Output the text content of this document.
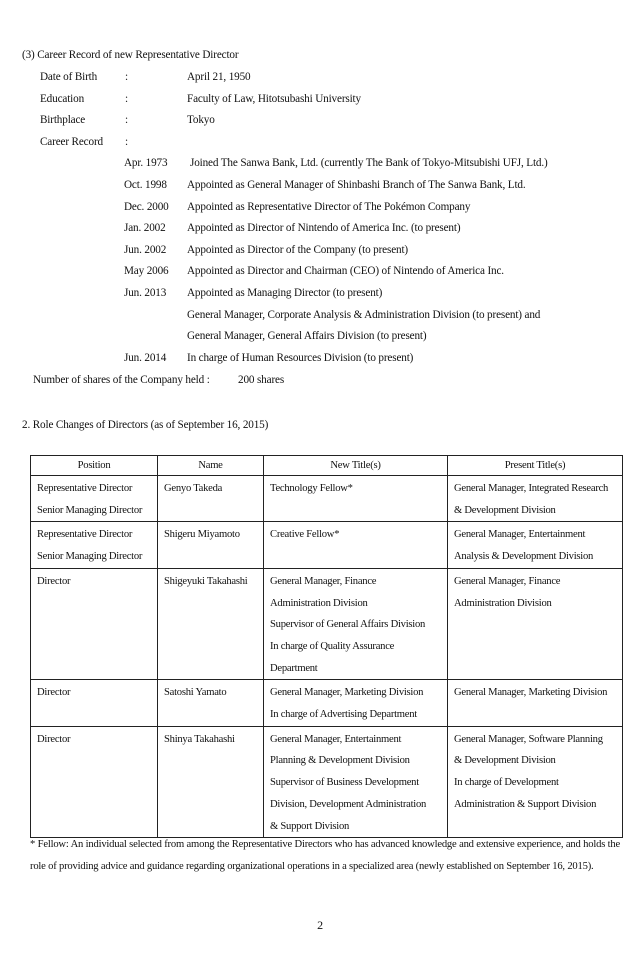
(3) Career Record of new Representative Director
Date of Birth :	April 21, 1950
Education	:	Faculty of Law, Hitotsubashi University
Birthplace	:	Tokyo
Career Record :
Apr. 1973 Joined The Sanwa Bank, Ltd. (currently The Bank of Tokyo-Mitsubishi UFJ, Ltd.)
Oct. 1998 Appointed as General Manager of Shinbashi Branch of The Sanwa Bank, Ltd.
Dec. 2000 Appointed as Representative Director of The Pokémon Company
Jan. 2002 Appointed as Director of Nintendo of America Inc. (to present)
Jun. 2002 Appointed as Director of the Company (to present)
May 2006 Appointed as Director and Chairman (CEO) of Nintendo of America Inc.
Jun. 2013 Appointed as Managing Director (to present)
General Manager, Corporate Analysis & Administration Division (to present) and
General Manager, General Affairs Division (to present)
Jun. 2014 In charge of Human Resources Division (to present)
Number of shares of the Company held :	200 shares
2. Role Changes of Directors (as of September 16, 2015)
Position	Name	New Title(s)	Present Title(s)

Representative Director
Senior Managing Director	Genyo Takeda	Technology Fellow*	General Manager, Integrated Research
& Development Division

Representative Director
Senior Managing Director	Shigeru Miyamoto	Creative Fellow*	General Manager, Entertainment
Analysis & Development Division

Director	Shigeyuki Takahashi	General Manager, Finance
Administration Division
Supervisor of General Affairs Division
In charge of Quality Assurance
Department	General Manager, Finance
Administration Division

Director	Satoshi Yamato	General Manager, Marketing Division
In charge of Advertising Department	General Manager, Marketing Division

Director	Shinya Takahashi	General Manager, Entertainment
Planning & Development Division
Supervisor of Business Development
Division, Development Administration
& Support Division	General Manager, Software Planning
& Development Division
In charge of Development
Administration & Support Division
* Fellow: An individual selected from among the Representative Directors who has advanced knowledge and extensive experience, and holds the role of providing advice and guidance regarding organizational operations in a specialized area (newly established on September 16, 2015).
2
